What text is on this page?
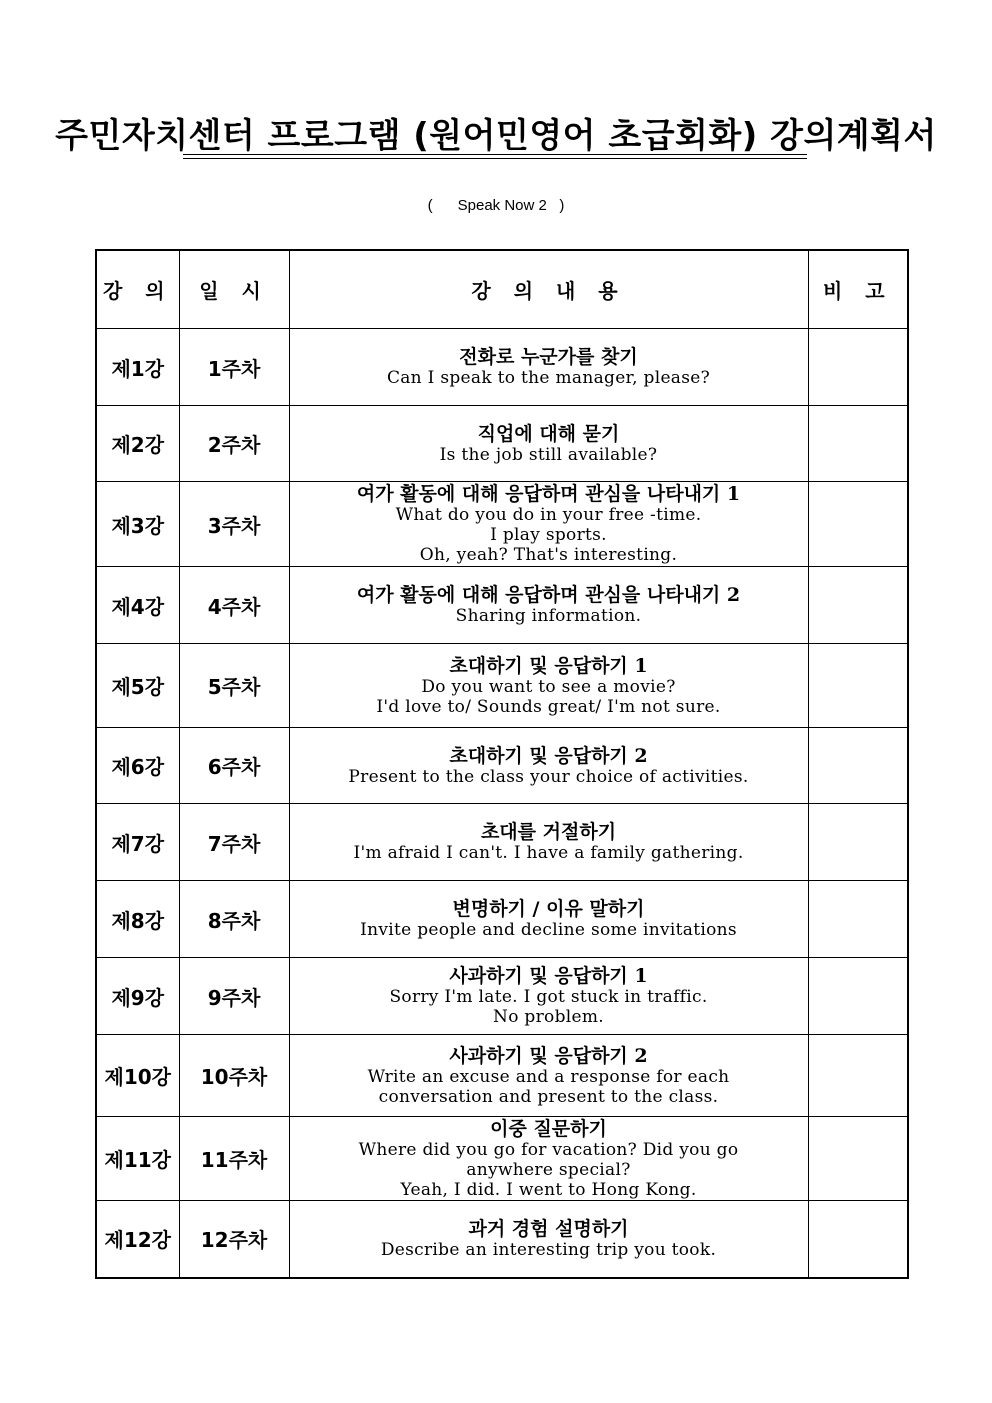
주민자치센터 프로그램 (원어민영어 초급회화) 강의계획서
(      Speak Now 2   )
강 의	일 시	강 의 내 용	비 고
제1강	1주차	전화로 누군가를 찾기
Can I speak to the manager, please?	

제2강	2주차	직업에 대해 묻기
Is the job still available?	

제3강	3주차	여가 활동에 대해 응답하며 관심을 나타내기 1
What do you do in your free -time.
I play sports.
Oh, yeah? That's interesting.	

제4강	4주차	여가 활동에 대해 응답하며 관심을 나타내기 2
Sharing information.	

제5강	5주차	초대하기 및 응답하기 1
Do you want to see a movie?
I'd love to/ Sounds great/ I'm not sure.	

제6강	6주차	초대하기 및 응답하기 2
Present to the class your choice of activities.	

제7강	7주차	초대를 거절하기
I'm afraid I can't. I have a family gathering.	

제8강	8주차	변명하기 / 이유 말하기
Invite people and decline some invitations	

제9강	9주차	사과하기 및 응답하기 1
Sorry I'm late. I got stuck in traffic.
No problem.	

제10강	10주차	사과하기 및 응답하기 2
Write an excuse and a response for each
conversation and present to the class.	

제11강	11주차	이중 질문하기
Where did you go for vacation? Did you go
anywhere special?
Yeah, I did. I went to Hong Kong.	

제12강	12주차	과거 경험 설명하기
Describe an interesting trip you took.	
